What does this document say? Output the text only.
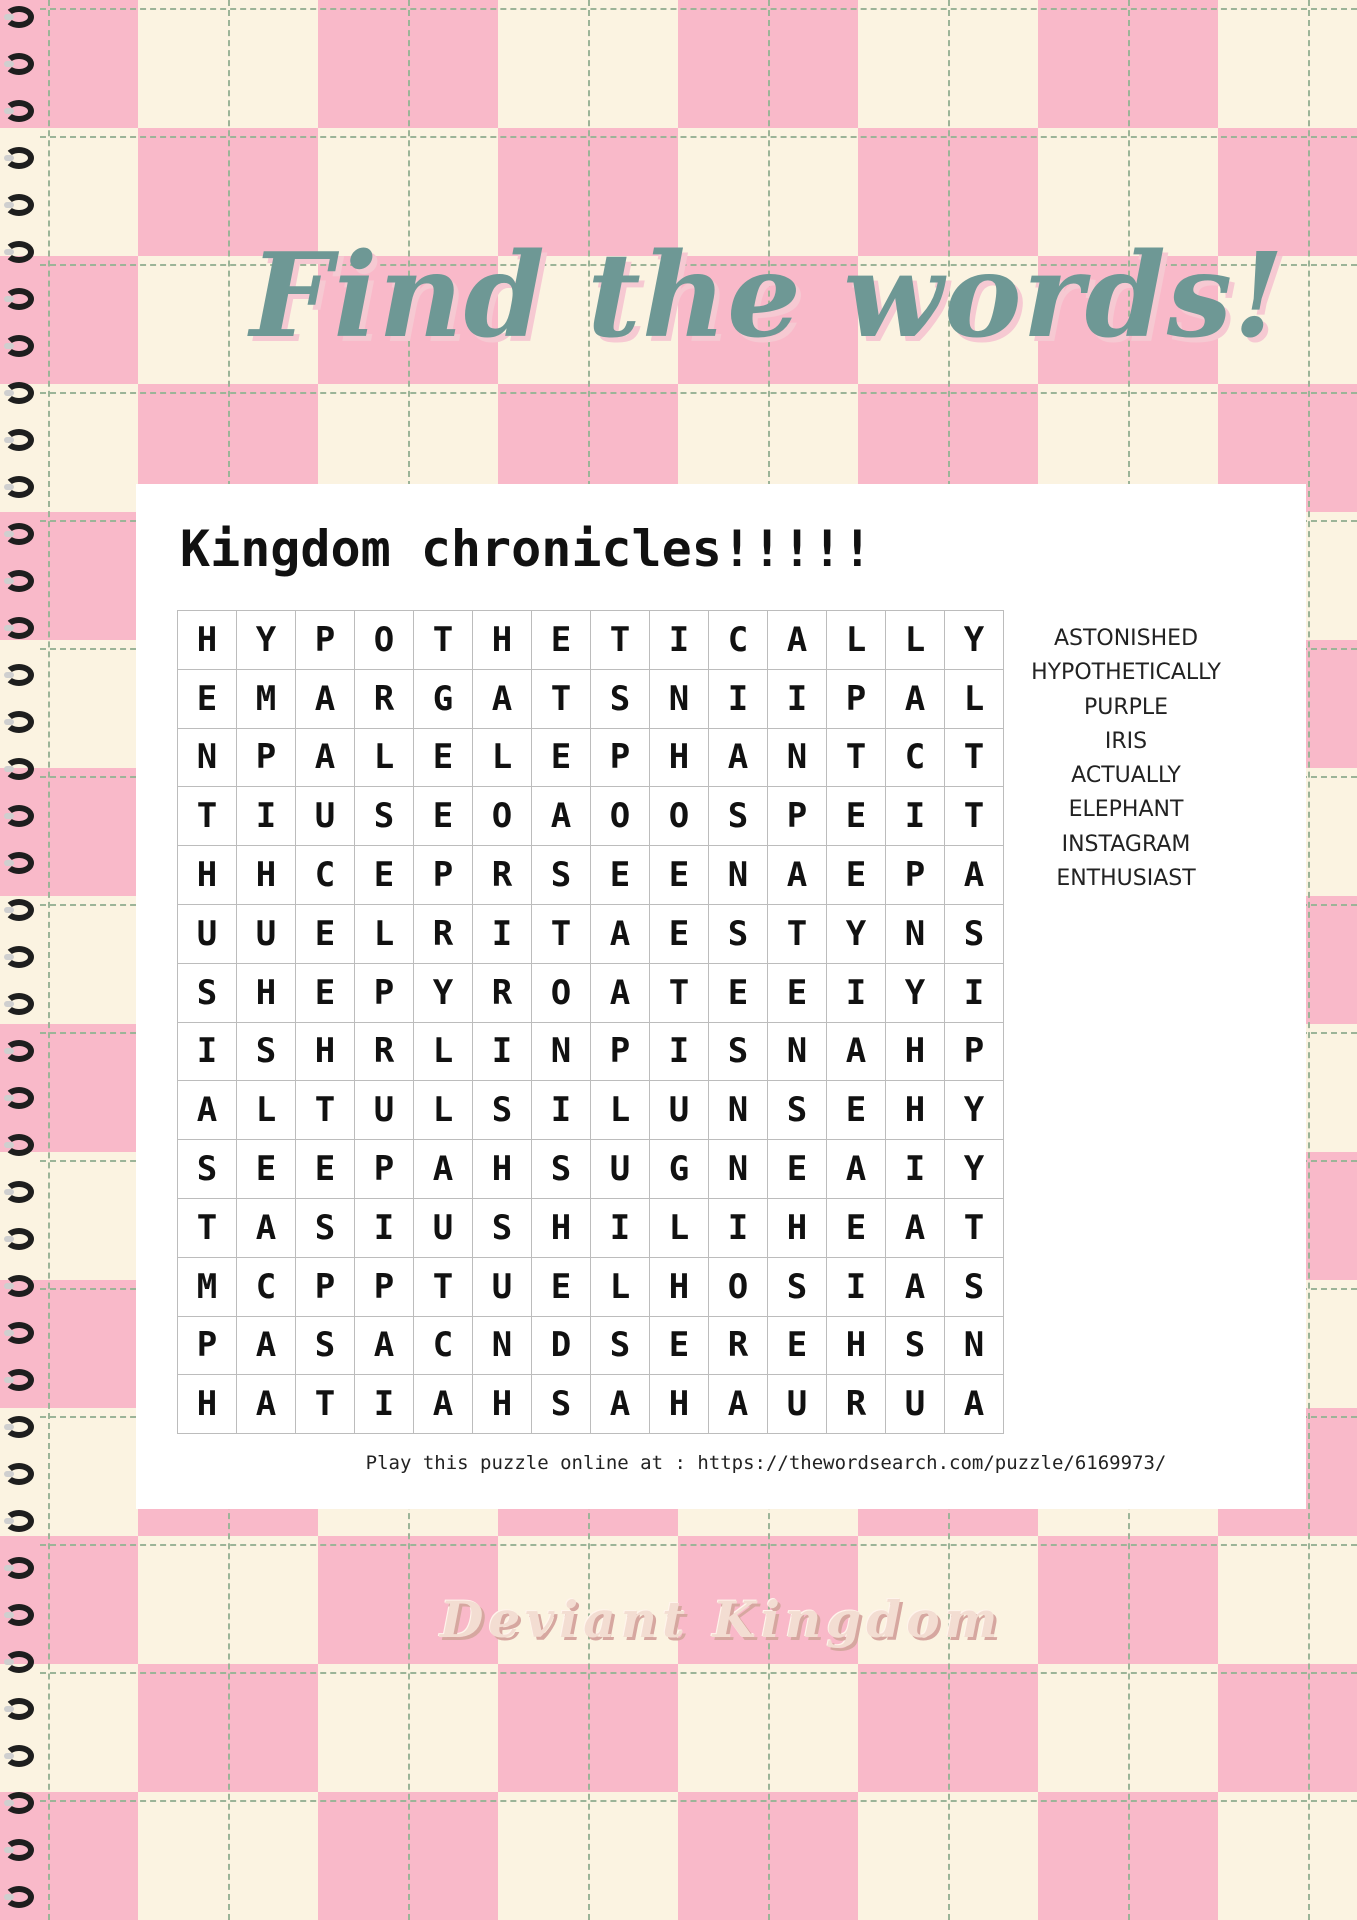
Find the words!
Kingdom chronicles!!!!!
H	Y	P	O	T	H	E	T	I	C	A	L	L	Y
E	M	A	R	G	A	T	S	N	I	I	P	A	L
N	P	A	L	E	L	E	P	H	A	N	T	C	T
T	I	U	S	E	O	A	O	O	S	P	E	I	T
H	H	C	E	P	R	S	E	E	N	A	E	P	A
U	U	E	L	R	I	T	A	E	S	T	Y	N	S
S	H	E	P	Y	R	O	A	T	E	E	I	Y	I
I	S	H	R	L	I	N	P	I	S	N	A	H	P
A	L	T	U	L	S	I	L	U	N	S	E	H	Y
S	E	E	P	A	H	S	U	G	N	E	A	I	Y
T	A	S	I	U	S	H	I	L	I	H	E	A	T
M	C	P	P	T	U	E	L	H	O	S	I	A	S
P	A	S	A	C	N	D	S	E	R	E	H	S	N
H	A	T	I	A	H	S	A	H	A	U	R	U	A
ASTONISHED
HYPOTHETICALLY
PURPLE
IRIS
ACTUALLY
ELEPHANT
INSTAGRAM
ENTHUSIAST
Play this puzzle online at : https://thewordsearch.com/puzzle/6169973/
Deviant Kingdom
